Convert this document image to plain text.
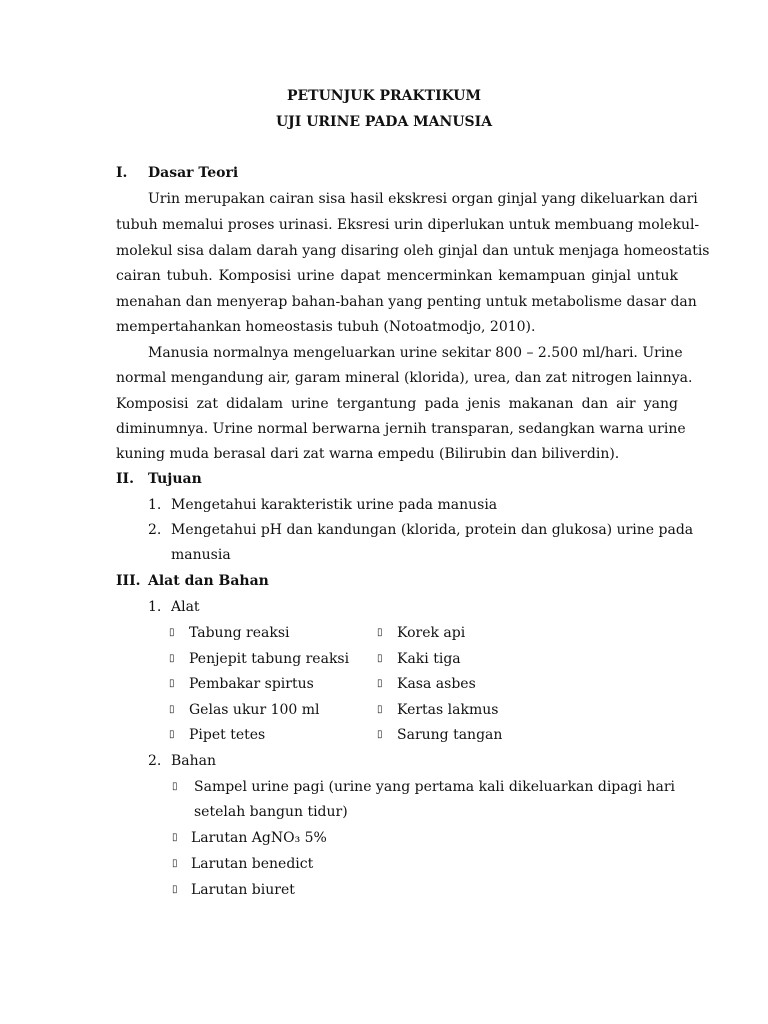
PETUNJUK PRAKTIKUM
UJI URINE PADA MANUSIA
I. Dasar Teori
Urin merupakan cairan sisa hasil ekskresi organ ginjal yang dikeluarkan dari
tubuh memalui proses urinasi. Eksresi urin diperlukan untuk membuang molekul-
molekul sisa dalam darah yang disaring oleh ginjal dan untuk menjaga homeostatis
cairan tubuh. Komposisi urine dapat mencerminkan kemampuan ginjal untuk
menahan dan menyerap bahan-bahan yang penting untuk metabolisme dasar dan
mempertahankan homeostasis tubuh (Notoatmodjo, 2010).
Manusia normalnya mengeluarkan urine sekitar 800 – 2.500 ml/hari. Urine
normal mengandung air, garam mineral (klorida), urea, dan zat nitrogen lainnya.
Komposisi zat didalam urine tergantung pada jenis makanan dan air yang
diminumnya. Urine normal berwarna jernih transparan, sedangkan warna urine
kuning muda berasal dari zat warna empedu (Bilirubin dan biliverdin).
II. Tujuan
1. Mengetahui karakteristik urine pada manusia
2. Mengetahui pH dan kandungan (klorida, protein dan glukosa) urine pada
manusia
III. Alat dan Bahan
1. Alat
▯ Tabung reaksi
▯ Penjepit tabung reaksi
▯ Pembakar spirtus
▯ Gelas ukur 100 ml
▯ Pipet tetes
▯ Korek api
▯ Kaki tiga
▯ Kasa asbes
▯ Kertas lakmus
▯ Sarung tangan
2. Bahan
▯ Sampel urine pagi (urine yang pertama kali dikeluarkan dipagi hari
setelah bangun tidur)
▯ Larutan AgNO₃ 5%
▯ Larutan benedict
▯ Larutan biuret
